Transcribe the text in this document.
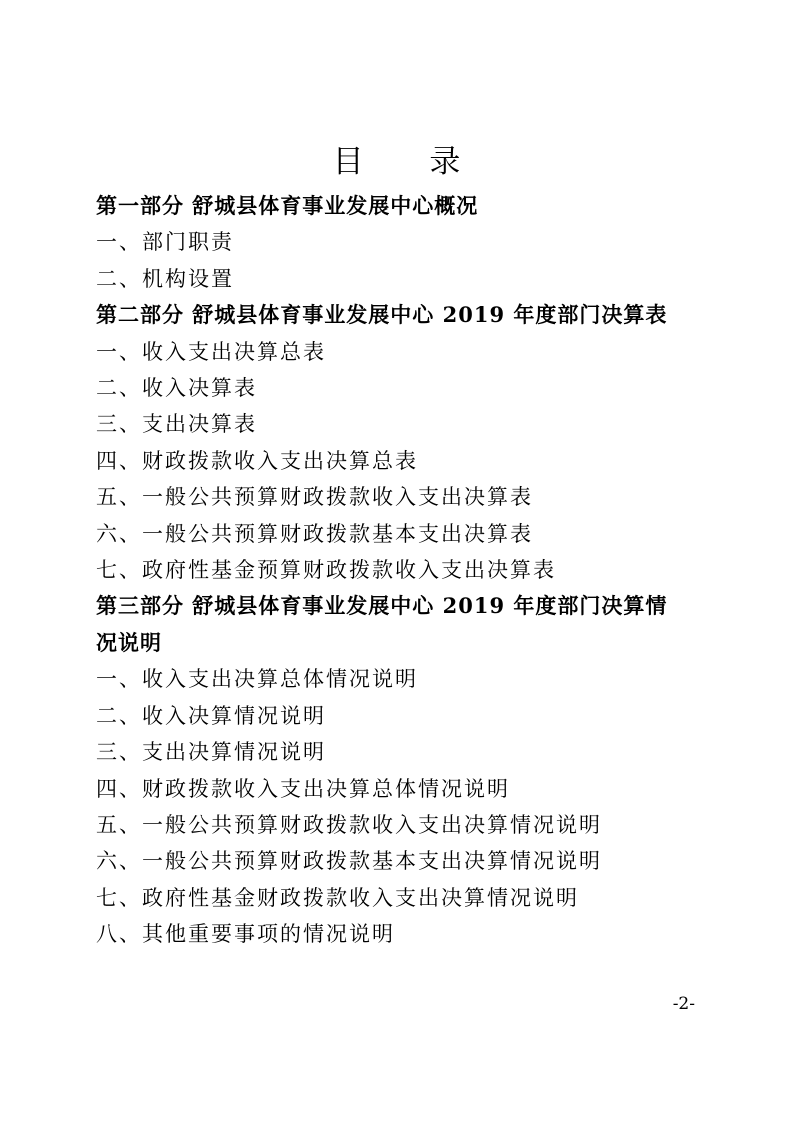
目 录
第一部分 舒城县体育事业发展中心概况
一、部门职责
二、机构设置
第二部分 舒城县体育事业发展中心 2019 年度部门决算表
一、收入支出决算总表
二、收入决算表
三、支出决算表
四、财政拨款收入支出决算总表
五、一般公共预算财政拨款收入支出决算表
六、一般公共预算财政拨款基本支出决算表
七、政府性基金预算财政拨款收入支出决算表
第三部分 舒城县体育事业发展中心 2019 年度部门决算情况说明
一、收入支出决算总体情况说明
二、收入决算情况说明
三、支出决算情况说明
四、财政拨款收入支出决算总体情况说明
五、一般公共预算财政拨款收入支出决算情况说明
六、一般公共预算财政拨款基本支出决算情况说明
七、政府性基金财政拨款收入支出决算情况说明
八、其他重要事项的情况说明
-2-
